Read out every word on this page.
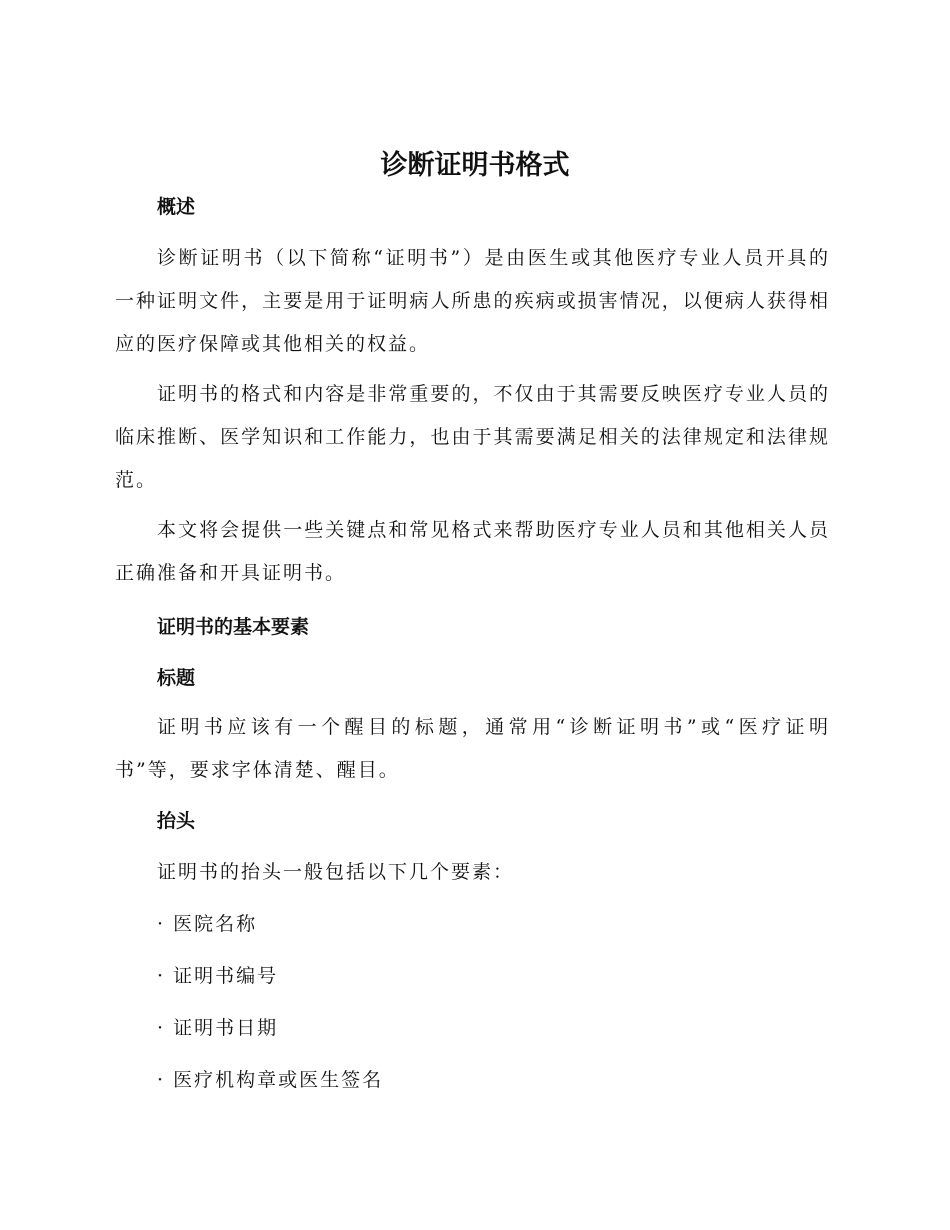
诊断证明书格式

概述

诊断证明书（以下简称“证明书”）是由医生或其他医疗专业人员开具的一种证明文件，主要是用于证明病人所患的疾病或损害情况，以便病人获得相应的医疗保障或其他相关的权益。

证明书的格式和内容是非常重要的，不仅由于其需要反映医疗专业人员的临床推断、医学知识和工作能力，也由于其需要满足相关的法律规定和法律规范。

本文将会提供一些关键点和常见格式来帮助医疗专业人员和其他相关人员正确准备和开具证明书。

证明书的基本要素

标题

证明书应该有一个醒目的标题，通常用“诊断证明书”或“医疗证明书”等，要求字体清楚、醒目。

抬头

证明书的抬头一般包括以下几个要素：

· 医院名称

· 证明书编号

· 证明书日期

· 医疗机构章或医生签名
